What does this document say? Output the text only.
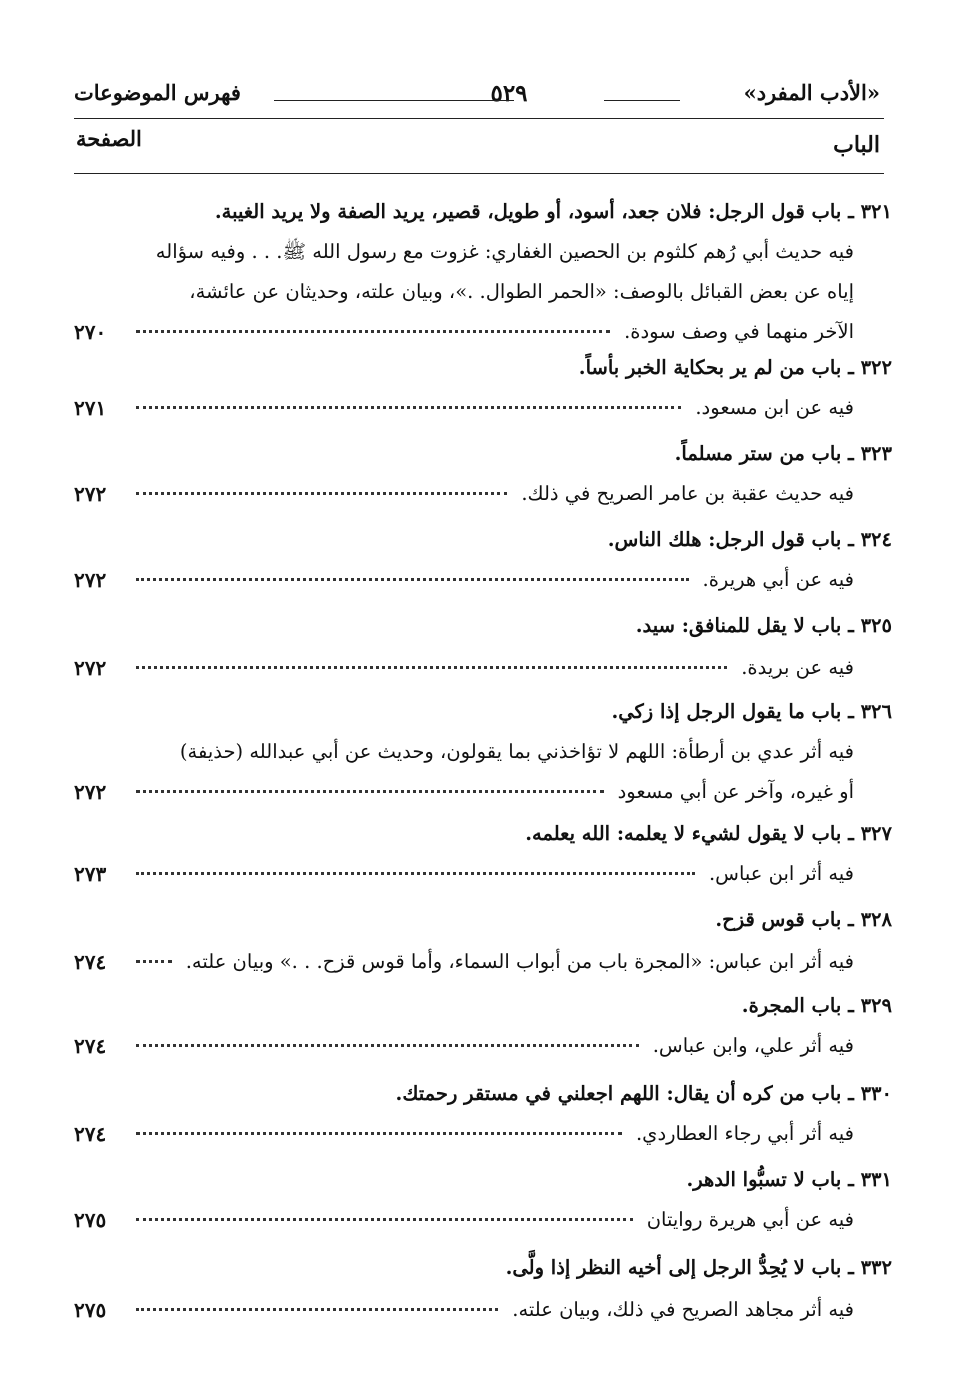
«الأدب المفرد»
٥٢٩
فهرس الموضوعات
الباب
الصفحة
٣٢١ ـ باب قول الرجل: فلان جعد، أسود، أو طويل، قصير، يريد الصفة ولا يريد الغيبة.
فيه حديث أبي رُهم كلثوم بن الحصين الغفاري: غزوت مع رسول الله ﷺ. . . وفيه سؤاله
إياه عن بعض القبائل بالوصف: «الحمر الطوال. .»، وبيان علته، وحديثان عن عائشة،
الآخر منهما في وصف سودة.
٢٧٠
٣٢٢ ـ باب من لم ير بحكاية الخبر بأساً.
فيه عن ابن مسعود.
٢٧١
٣٢٣ ـ باب من ستر مسلماً.
فيه حديث عقبة بن عامر الصريح في ذلك.
٢٧٢
٣٢٤ ـ باب قول الرجل: هلك الناس.
فيه عن أبي هريرة.
٢٧٢
٣٢٥ ـ باب لا يقل للمنافق: سيد.
فيه عن بريدة.
٢٧٢
٣٢٦ ـ باب ما يقول الرجل إذا زكي.
فيه أثر عدي بن أرطأة: اللهم لا تؤاخذني بما يقولون، وحديث عن أبي عبدالله (حذيفة)
أو غيره، وآخر عن أبي مسعود
٢٧٢
٣٢٧ ـ باب لا يقول لشيء لا يعلمه: الله يعلمه.
فيه أثر ابن عباس.
٢٧٣
٣٢٨ ـ باب قوس قزح.
فيه أثر ابن عباس: «المجرة باب من أبواب السماء، وأما قوس قزح. . .» وبيان علته.
٢٧٤
٣٢٩ ـ باب المجرة.
فيه أثر علي، وابن عباس.
٢٧٤
٣٣٠ ـ باب من كره أن يقال: اللهم اجعلني في مستقر رحمتك.
فيه أثر أبي رجاء العطاردي.
٢٧٤
٣٣١ ـ باب لا تسبُّوا الدهر.
فيه عن أبي هريرة روايتان
٢٧٥
٣٣٢ ـ باب لا يُحِدُّ الرجل إلى أخيه النظر إذا ولَّى.
فيه أثر مجاهد الصريح في ذلك، وبيان علته.
٢٧٥
